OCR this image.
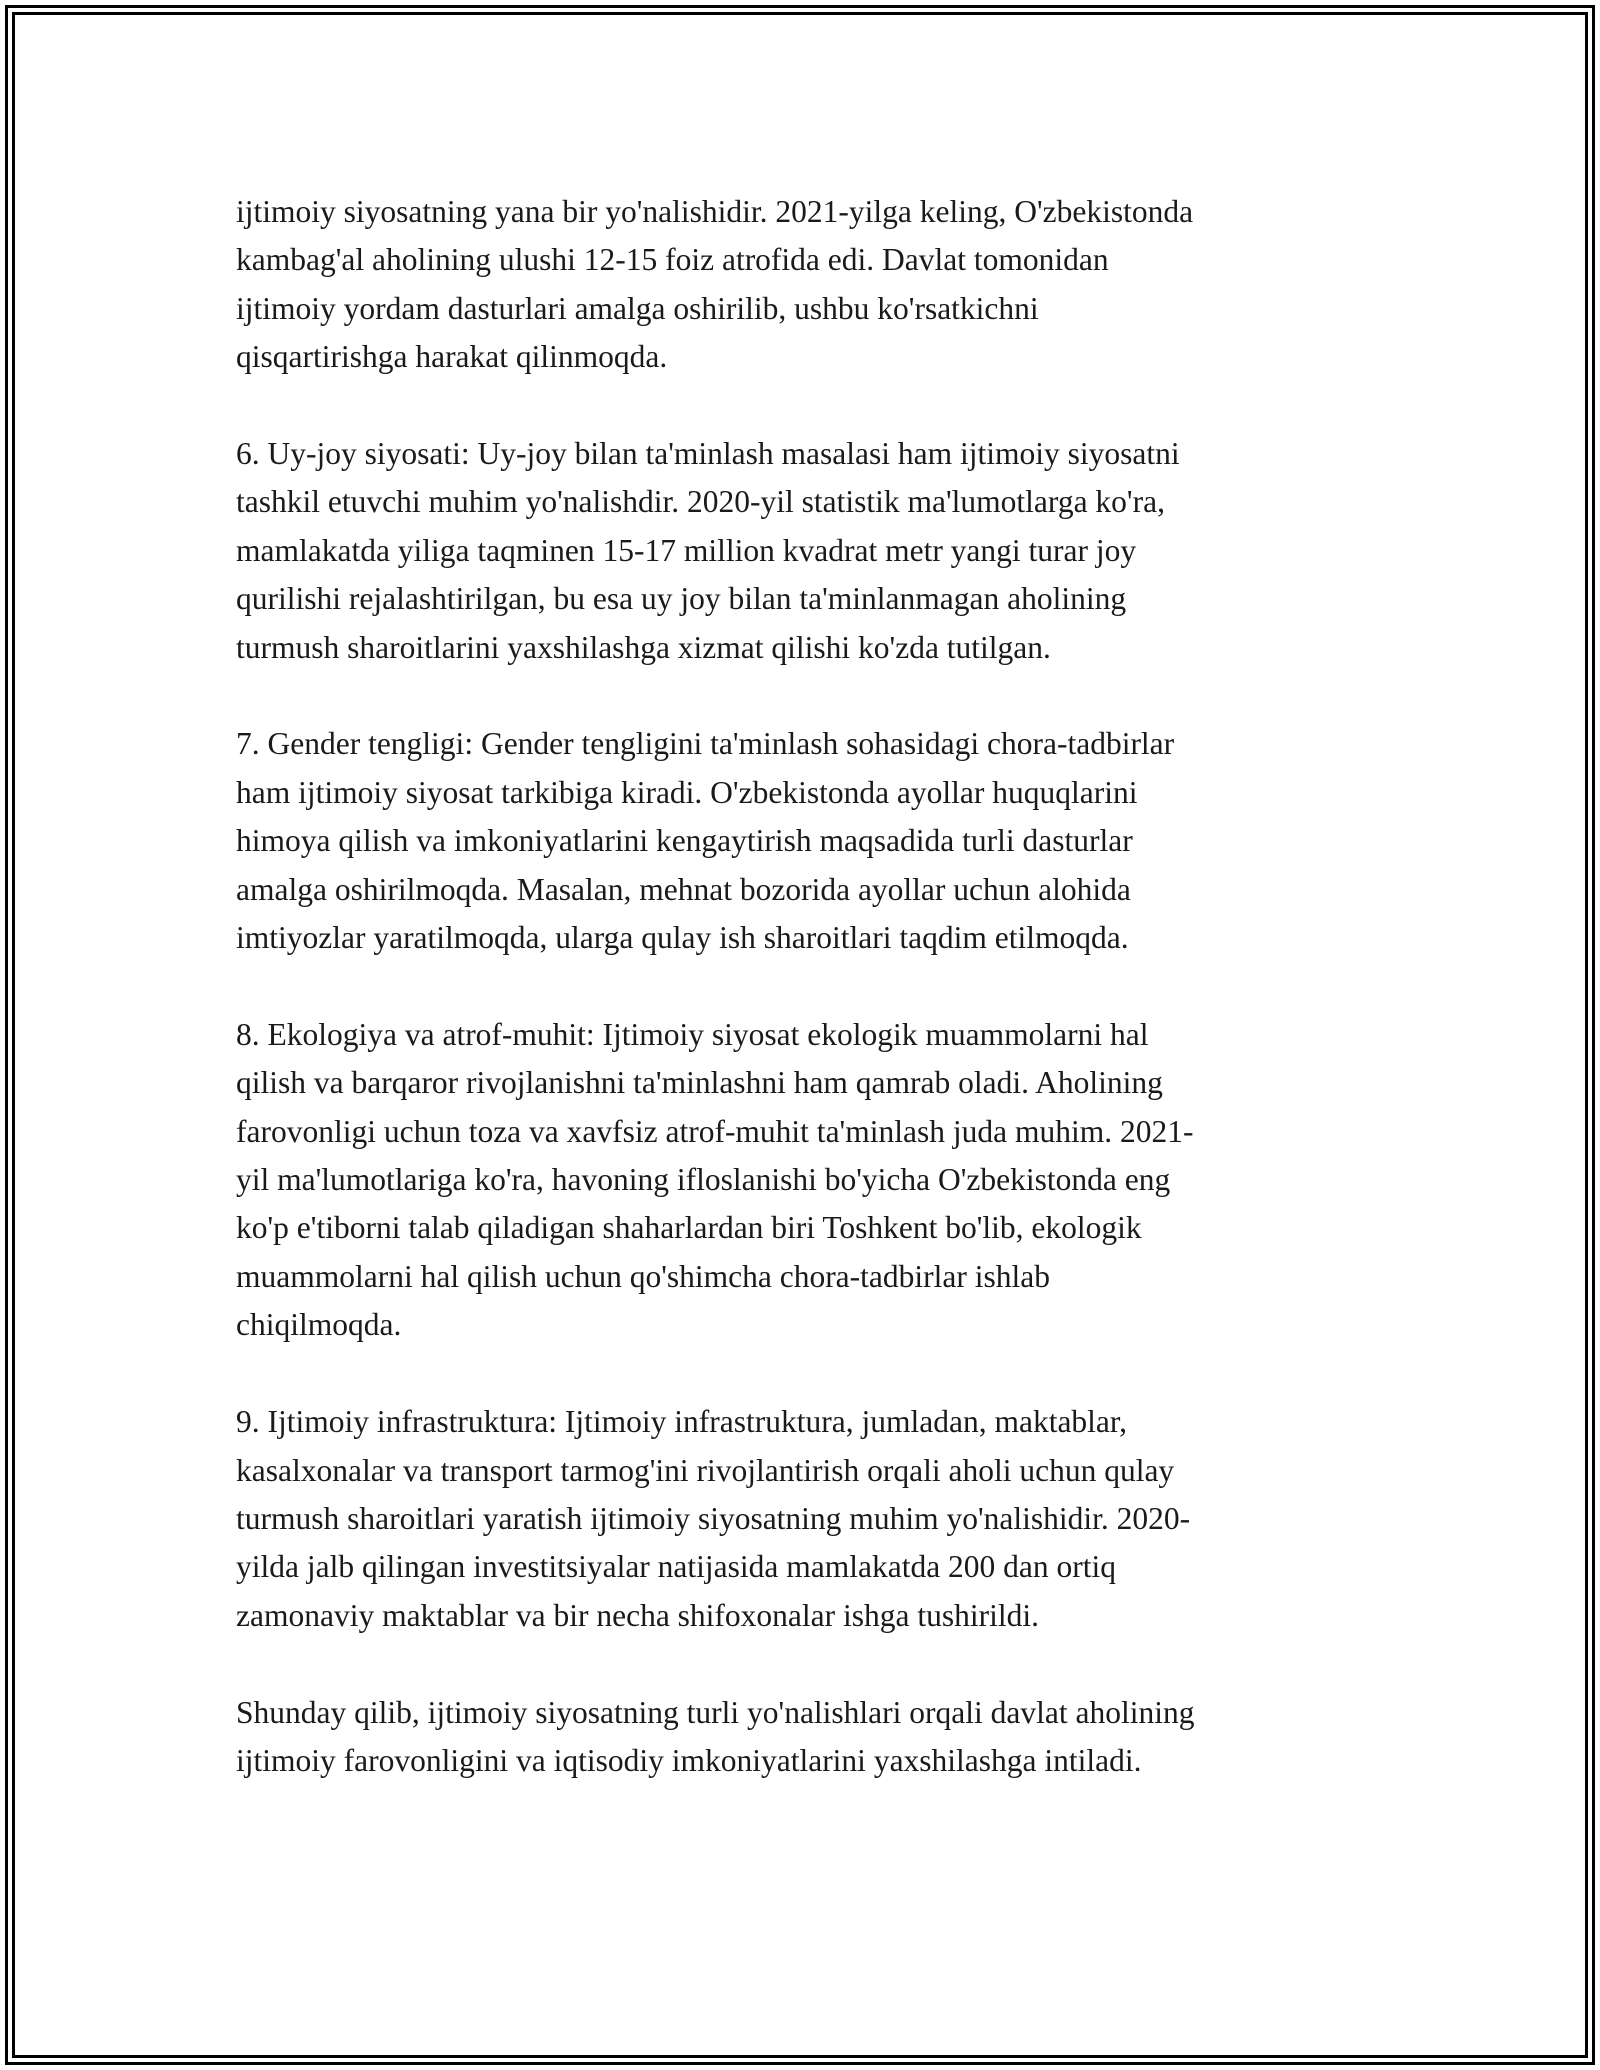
ijtimoiy siyosatning yana bir yo'nalishidir. 2021-yilga keling, O'zbekistonda
kambag'al aholining ulushi 12-15 foiz atrofida edi. Davlat tomonidan
ijtimoiy yordam dasturlari amalga oshirilib, ushbu ko'rsatkichni
qisqartirishga harakat qilinmoqda.

6. Uy-joy siyosati: Uy-joy bilan ta'minlash masalasi ham ijtimoiy siyosatni
tashkil etuvchi muhim yo'nalishdir. 2020-yil statistik ma'lumotlarga ko'ra,
mamlakatda yiliga taqminen 15-17 million kvadrat metr yangi turar joy
qurilishi rejalashtirilgan, bu esa uy joy bilan ta'minlanmagan aholining
turmush sharoitlarini yaxshilashga xizmat qilishi ko'zda tutilgan.

7. Gender tengligi: Gender tengligini ta'minlash sohasidagi chora-tadbirlar
ham ijtimoiy siyosat tarkibiga kiradi. O'zbekistonda ayollar huquqlarini
himoya qilish va imkoniyatlarini kengaytirish maqsadida turli dasturlar
amalga oshirilmoqda. Masalan, mehnat bozorida ayollar uchun alohida
imtiyozlar yaratilmoqda, ularga qulay ish sharoitlari taqdim etilmoqda.

8. Ekologiya va atrof-muhit: Ijtimoiy siyosat ekologik muammolarni hal
qilish va barqaror rivojlanishni ta'minlashni ham qamrab oladi. Aholining
farovonligi uchun toza va xavfsiz atrof-muhit ta'minlash juda muhim. 2021-
yil ma'lumotlariga ko'ra, havoning ifloslanishi bo'yicha O'zbekistonda eng
ko'p e'tiborni talab qiladigan shaharlardan biri Toshkent bo'lib, ekologik
muammolarni hal qilish uchun qo'shimcha chora-tadbirlar ishlab
chiqilmoqda.

9. Ijtimoiy infrastruktura: Ijtimoiy infrastruktura, jumladan, maktablar,
kasalxonalar va transport tarmog'ini rivojlantirish orqali aholi uchun qulay
turmush sharoitlari yaratish ijtimoiy siyosatning muhim yo'nalishidir. 2020-
yilda jalb qilingan investitsiyalar natijasida mamlakatda 200 dan ortiq
zamonaviy maktablar va bir necha shifoxonalar ishga tushirildi.

Shunday qilib, ijtimoiy siyosatning turli yo'nalishlari orqali davlat aholining
ijtimoiy farovonligini va iqtisodiy imkoniyatlarini yaxshilashga intiladi.
